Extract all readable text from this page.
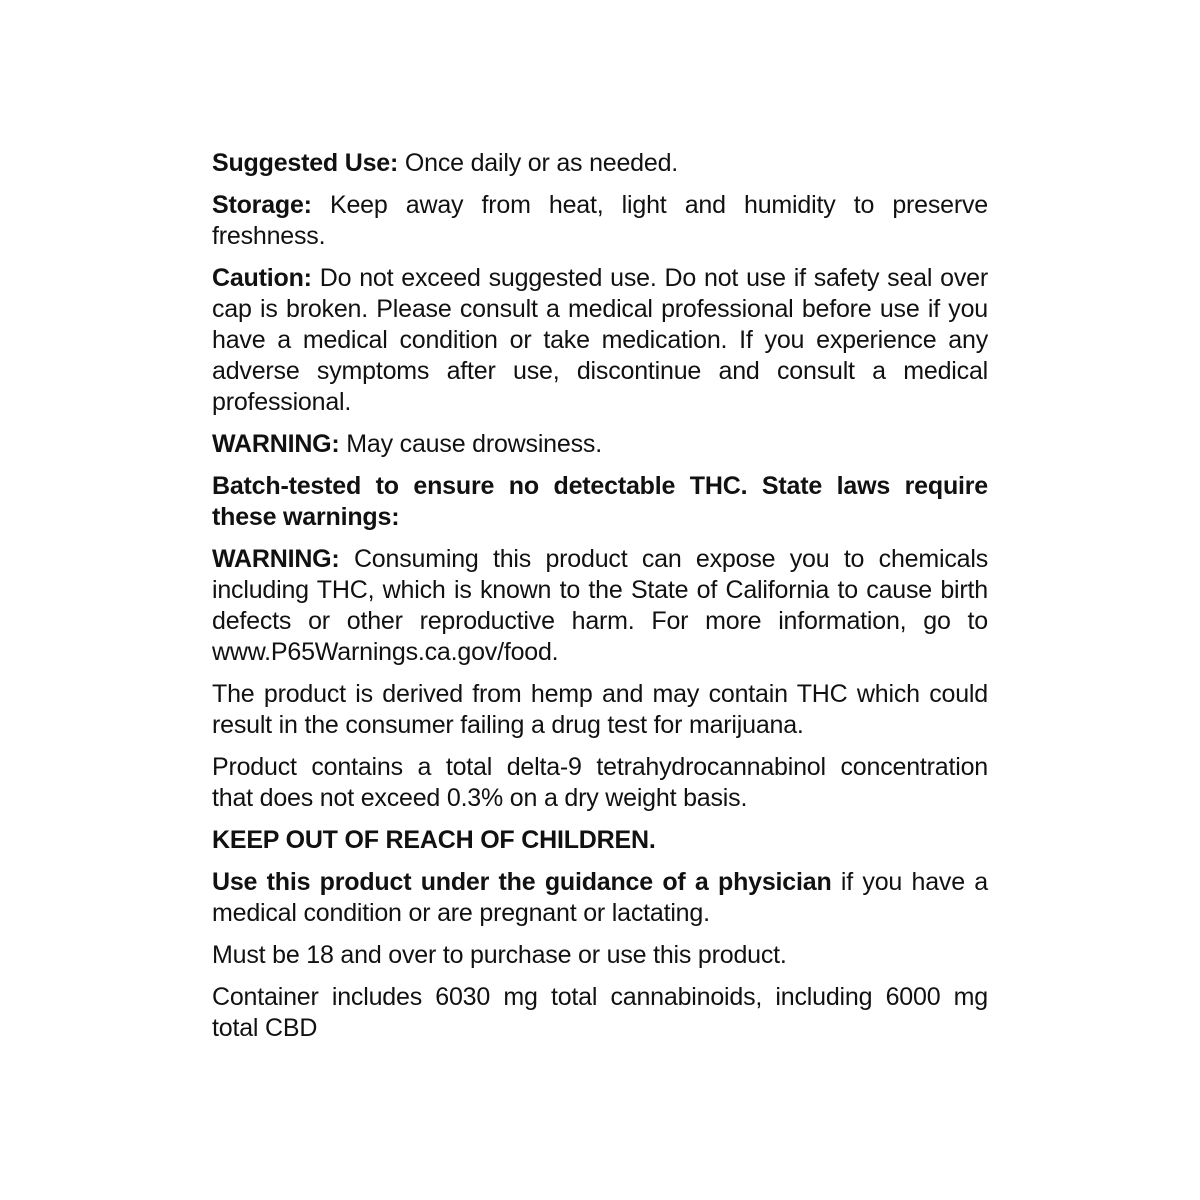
Suggested Use: Once daily or as needed.

Storage: Keep away from heat, light and humidity to preserve freshness.

Caution: Do not exceed suggested use. Do not use if safety seal over cap is broken. Please consult a medical professional before use if you have a medical condition or take medication. If you experience any adverse symptoms after use, discontinue and consult a medical professional.

WARNING: May cause drowsiness.

Batch-tested to ensure no detectable THC. State laws require these warnings:

WARNING: Consuming this product can expose you to chemicals including THC, which is known to the State of California to cause birth defects or other reproductive harm. For more information, go to www.P65Warnings.ca.gov/food.

The product is derived from hemp and may contain THC which could result in the consumer failing a drug test for marijuana.

Product contains a total delta-9 tetrahydrocannabinol concentration that does not exceed 0.3% on a dry weight basis.

KEEP OUT OF REACH OF CHILDREN.

Use this product under the guidance of a physician if you have a medical condition or are pregnant or lactating.

Must be 18 and over to purchase or use this product.

Container includes 6030 mg total cannabinoids, including 6000 mg total CBD
